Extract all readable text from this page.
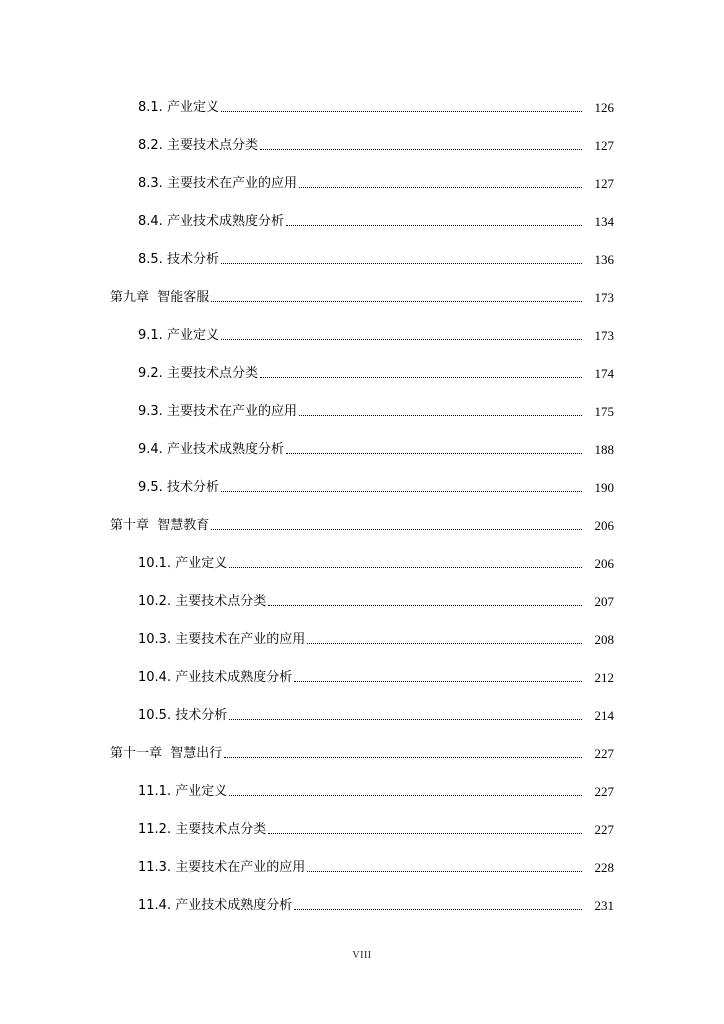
8.1. 产业定义	126
8.2. 主要技术点分类	127
8.3. 主要技术在产业的应用	127
8.4. 产业技术成熟度分析	134
8.5. 技术分析	136
第九章 智能客服	173
9.1. 产业定义	173
9.2. 主要技术点分类	174
9.3. 主要技术在产业的应用	175
9.4. 产业技术成熟度分析	188
9.5. 技术分析	190
第十章 智慧教育	206
10.1. 产业定义	206
10.2. 主要技术点分类	207
10.3. 主要技术在产业的应用	208
10.4. 产业技术成熟度分析	212
10.5. 技术分析	214
第十一章 智慧出行	227
11.1. 产业定义	227
11.2. 主要技术点分类	227
11.3. 主要技术在产业的应用	228
11.4. 产业技术成熟度分析	231
VIII
